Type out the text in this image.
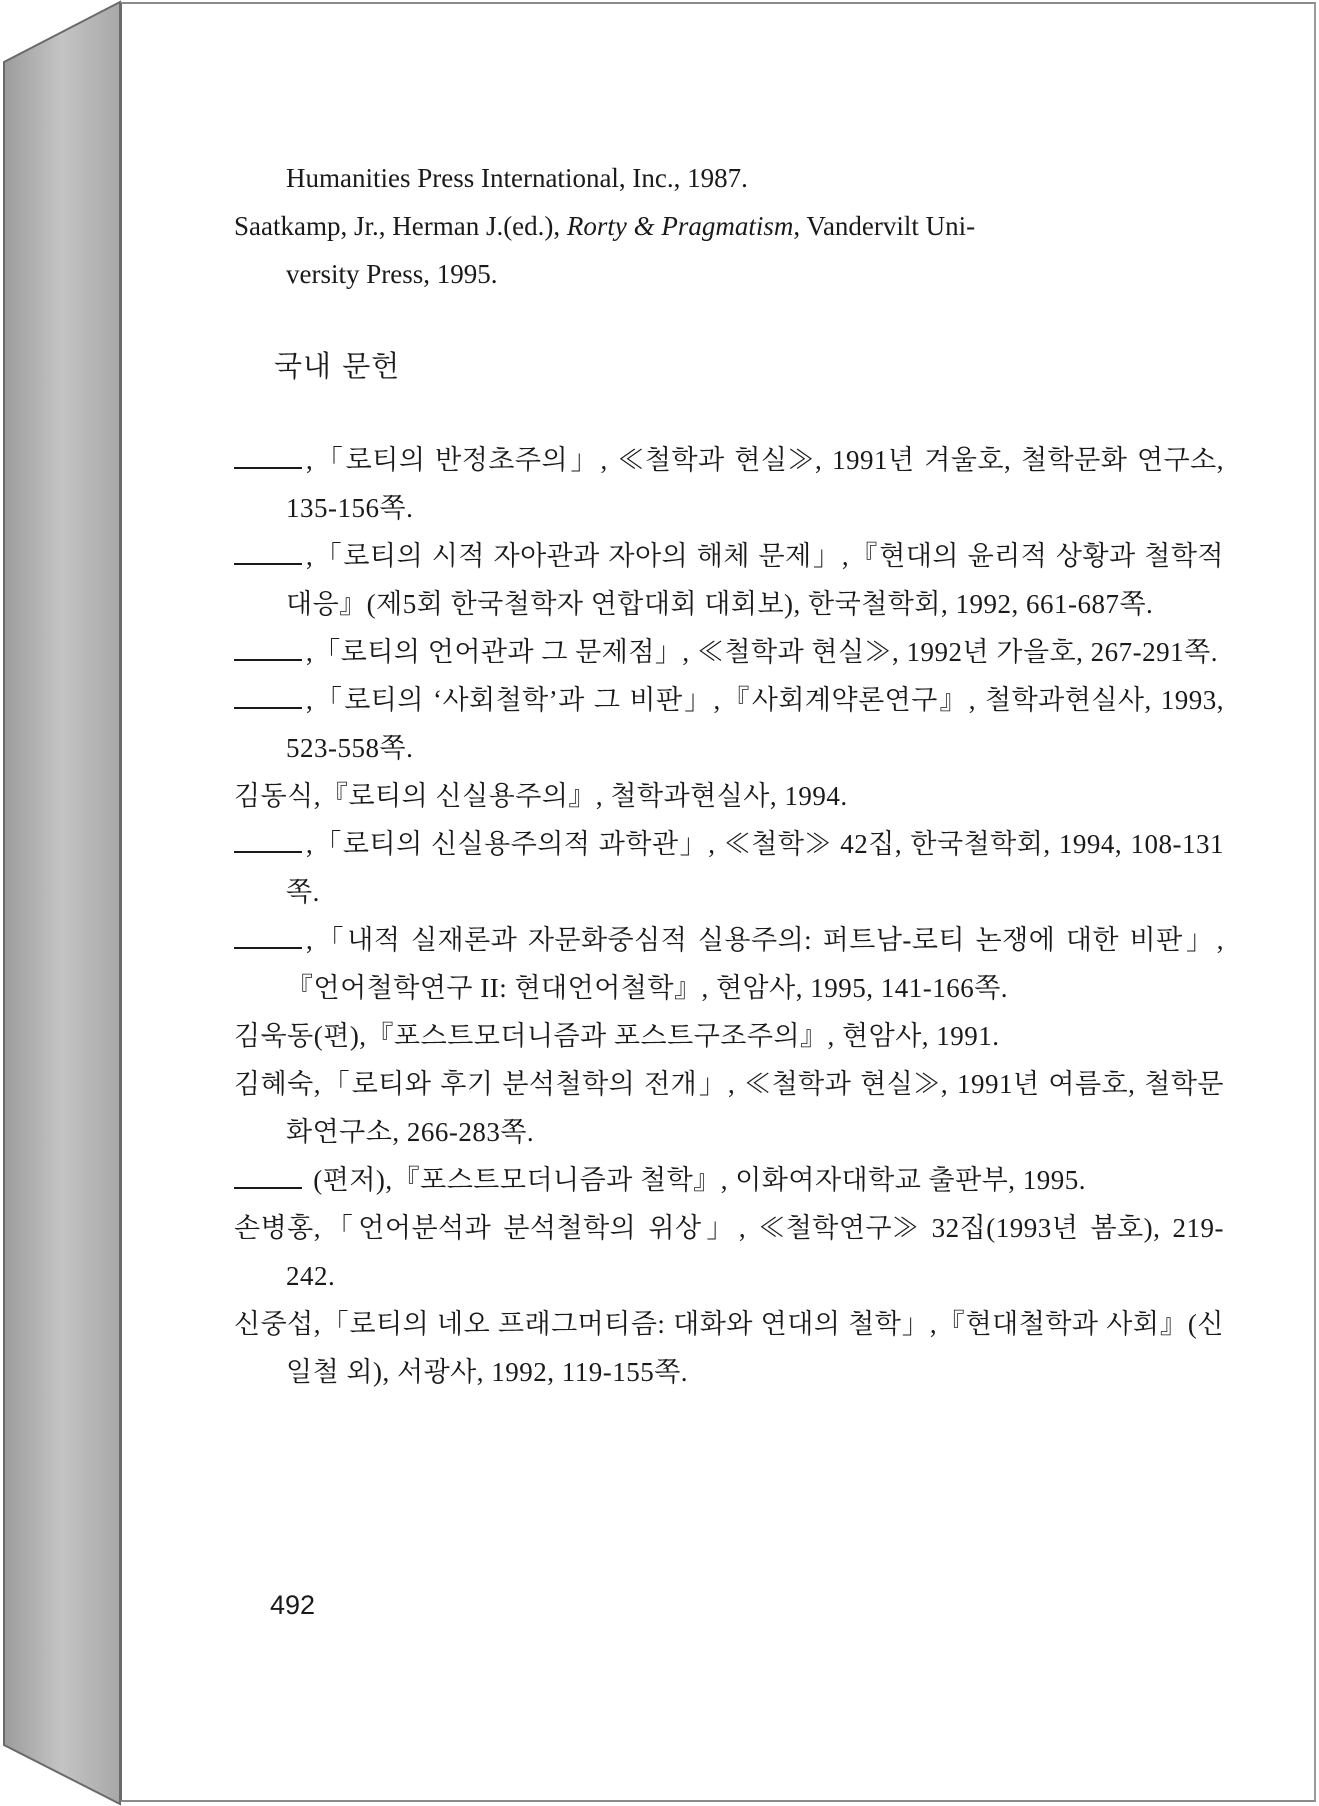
Humanities Press International, Inc., 1987.

Saatkamp, Jr., Herman J.(ed.), Rorty & Pragmatism, Vandervilt Uni-

versity Press, 1995.

국내 문헌

,「로티의 반정초주의」, ≪철학과 현실≫, 1991년 겨울호, 철학문화 연구소, 135-156쪽.

,「로티의 시적 자아관과 자아의 해체 문제」,『현대의 윤리적 상황과 철학적 대응』(제5회 한국철학자 연합대회 대회보), 한국철학회, 1992, 661-687쪽.

,「로티의 언어관과 그 문제점」, ≪철학과 현실≫, 1992년 가을호, 267-291쪽.

,「로티의 ‘사회철학’과 그 비판」,『사회계약론연구』, 철학과현실사, 1993, 523-558쪽.

김동식,『로티의 신실용주의』, 철학과현실사, 1994.

,「로티의 신실용주의적 과학관」, ≪철학≫ 42집, 한국철학회, 1994, 108-131쪽.

,「내적 실재론과 자문화중심적 실용주의: 퍼트남-로티 논쟁에 대한 비판」,『언어철학연구 II: 현대언어철학』, 현암사, 1995, 141-166쪽.

김욱동(편),『포스트모더니즘과 포스트구조주의』, 현암사, 1991.

김혜숙,「로티와 후기 분석철학의 전개」, ≪철학과 현실≫, 1991년 여름호, 철학문화연구소, 266-283쪽.

(편저),『포스트모더니즘과 철학』, 이화여자대학교 출판부, 1995.

손병홍,「언어분석과 분석철학의 위상」, ≪철학연구≫ 32집(1993년 봄호), 219-242.

신중섭,「로티의 네오 프래그머티즘: 대화와 연대의 철학」,『현대철학과 사회』(신일철 외), 서광사, 1992, 119-155쪽.

492
